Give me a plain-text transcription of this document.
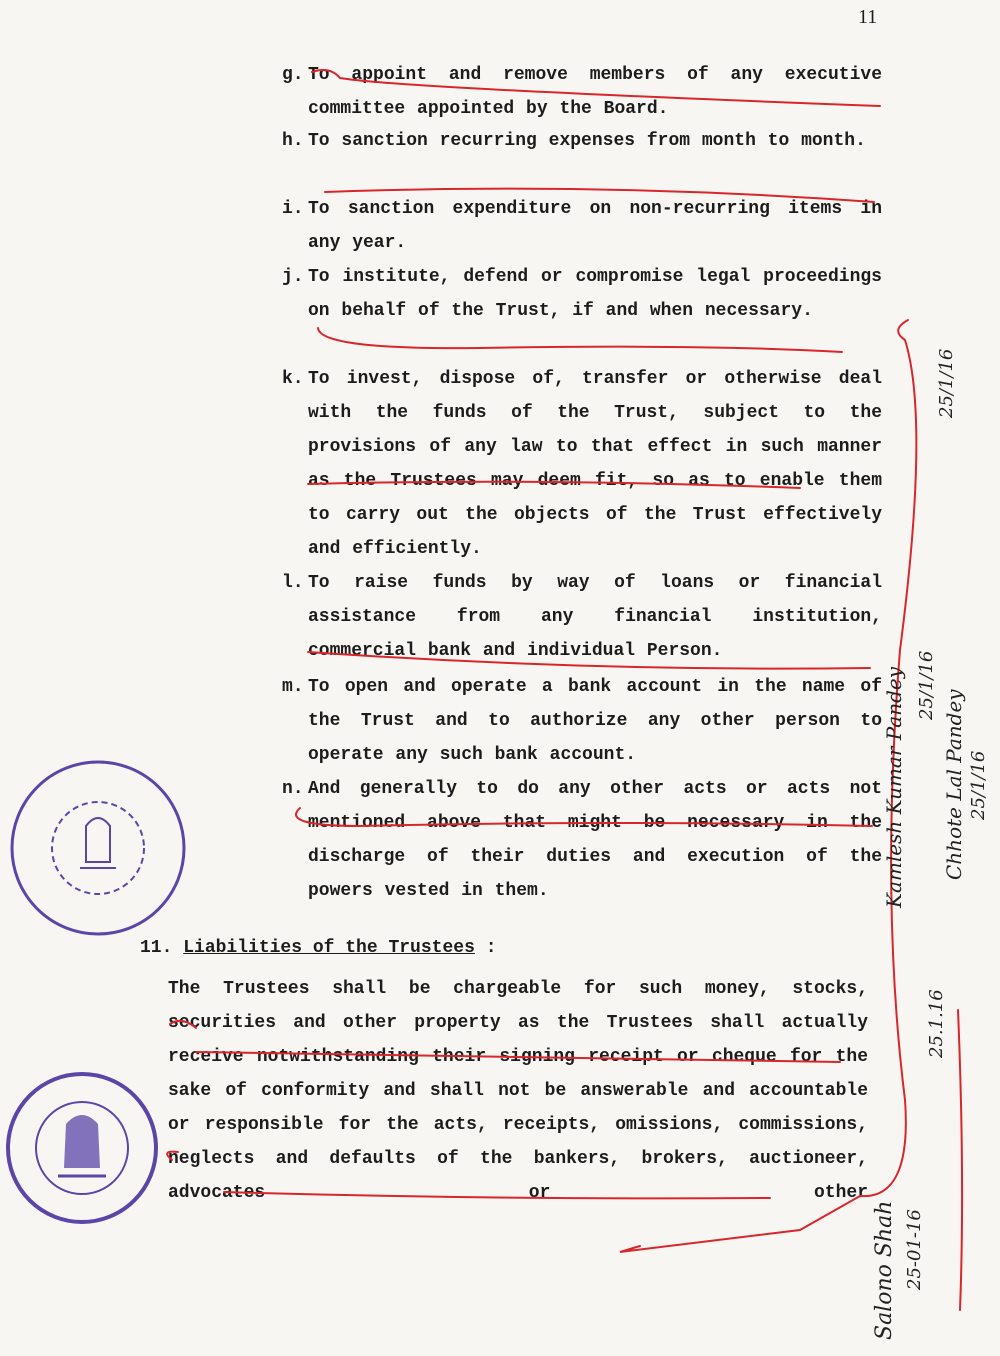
11
g. To appoint and remove members of any executive committee appointed by the Board.
h. To sanction recurring expenses from month to month.
i. To sanction expenditure on non-recurring items in any year.
j. To institute, defend or compromise legal proceedings on behalf of the Trust, if and when necessary.
k. To invest, dispose of, transfer or otherwise deal with the funds of the Trust, subject to the provisions of any law to that effect in such manner as the Trustees may deem fit, so as to enable them to carry out the objects of the Trust effectively and efficiently.
l. To raise funds by way of loans or financial assistance from any financial institution, commercial bank and individual Person.
m. To open and operate a bank account in the name of the Trust and to authorize any other person to operate any such bank account.
n. And generally to do any other acts or acts not mentioned above that might be necessary in the discharge of their duties and execution of the powers vested in them.
11. Liabilities of the Trustees :
The Trustees shall be chargeable for such money, stocks, securities and other property as the Trustees shall actually receive notwithstanding their signing receipt or cheque for the sake of conformity and shall not be answerable and accountable or responsible for the acts, receipts, omissions, commissions, neglects and defaults of the bankers, brokers, auctioneer, advocates or other
Kamlesh Kumar Pandey 25/1/16
Chhote Lal Pandey 25/1/16
Salono Shah 25-01-16
25.1.16
25/1/16
